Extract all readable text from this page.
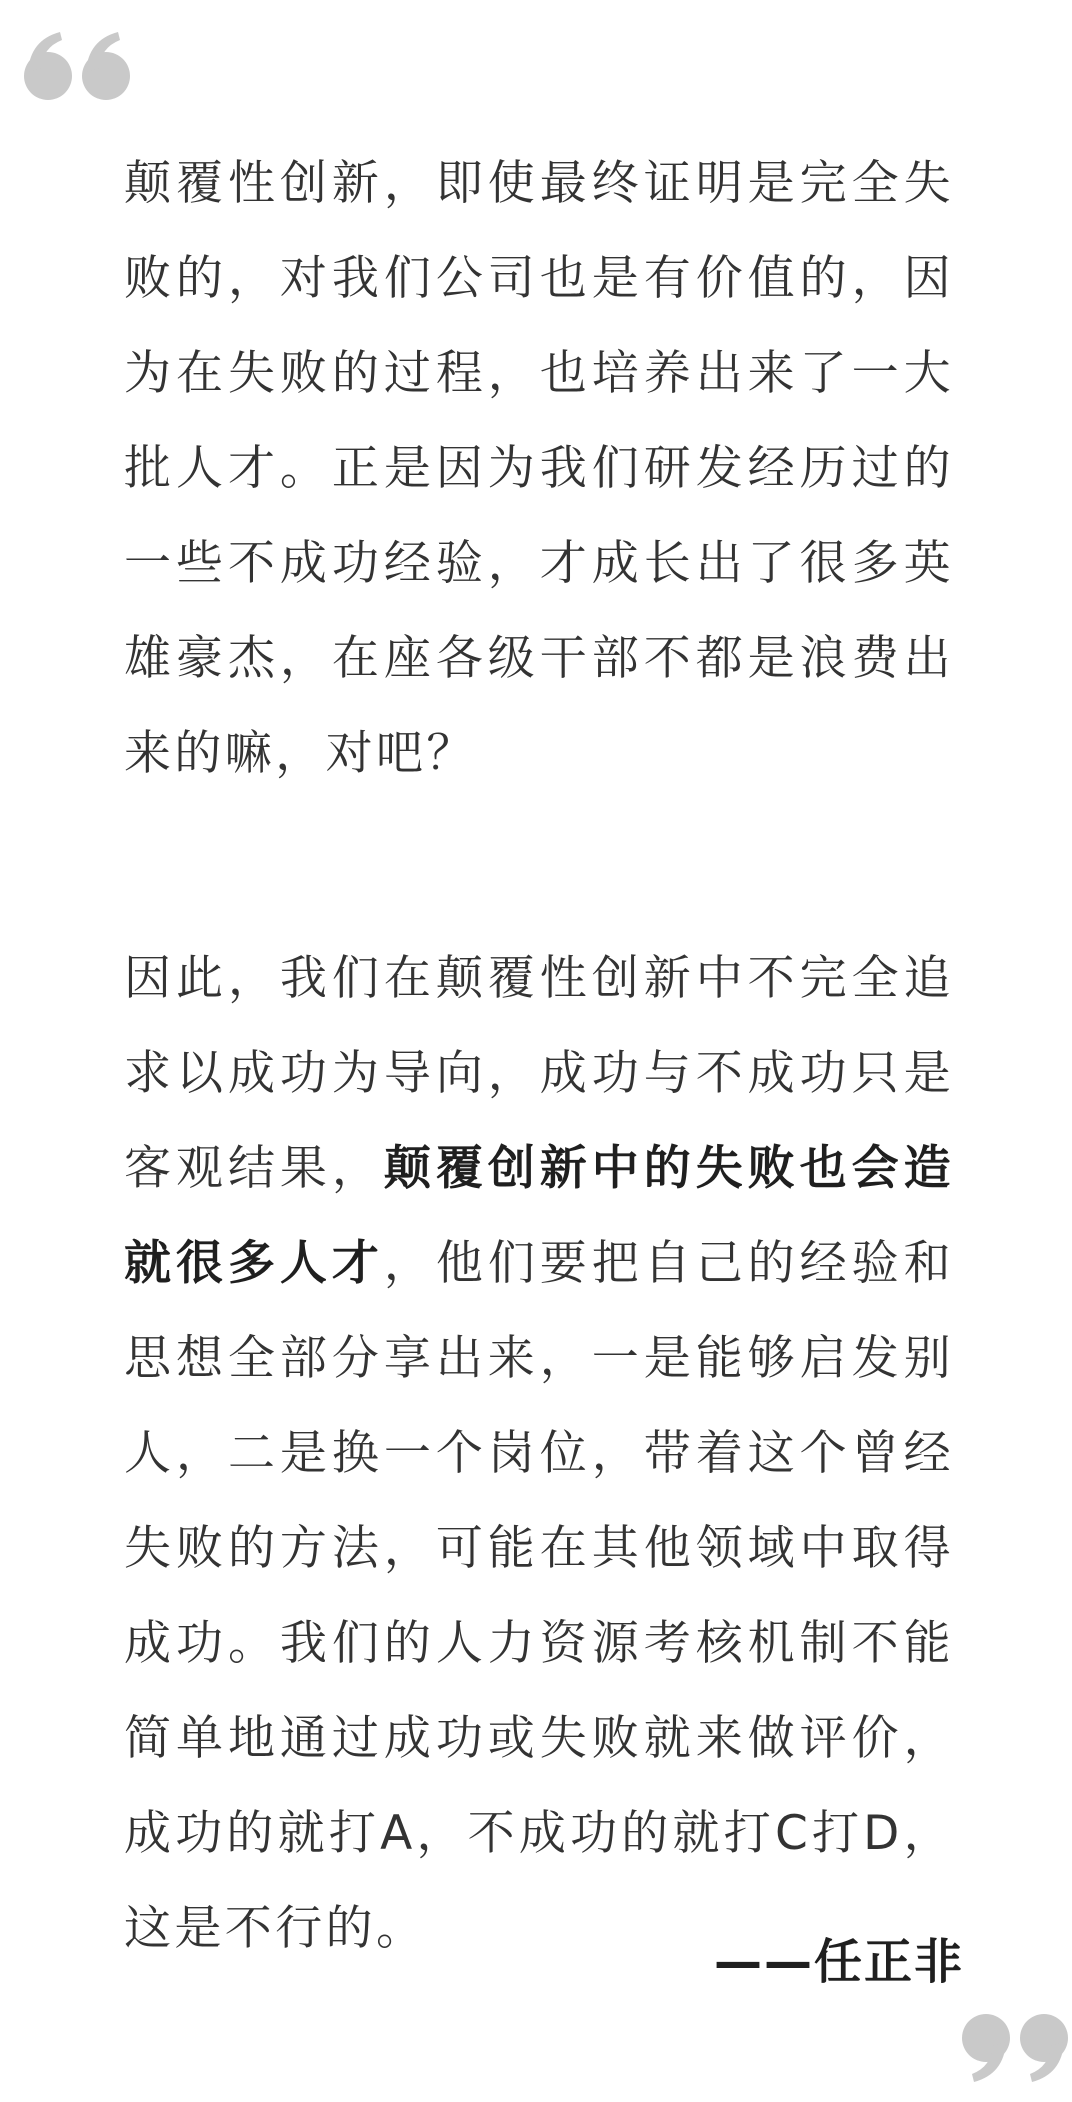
颠覆性创新，即使最终证明是完全失败的，对我们公司也是有价值的，因为在失败的过程，也培养出来了一大批人才。正是因为我们研发经历过的一些不成功经验，才成长出了很多英雄豪杰，在座各级干部不都是浪费出来的嘛，对吧？

因此，我们在颠覆性创新中不完全追求以成功为导向，成功与不成功只是客观结果，颠覆创新中的失败也会造就很多人才，他们要把自己的经验和思想全部分享出来，一是能够启发别人，二是换一个岗位，带着这个曾经失败的方法，可能在其他领域中取得成功。我们的人力资源考核机制不能简单地通过成功或失败就来做评价，成功的就打A，不成功的就打C打D，这是不行的。

——任正非
